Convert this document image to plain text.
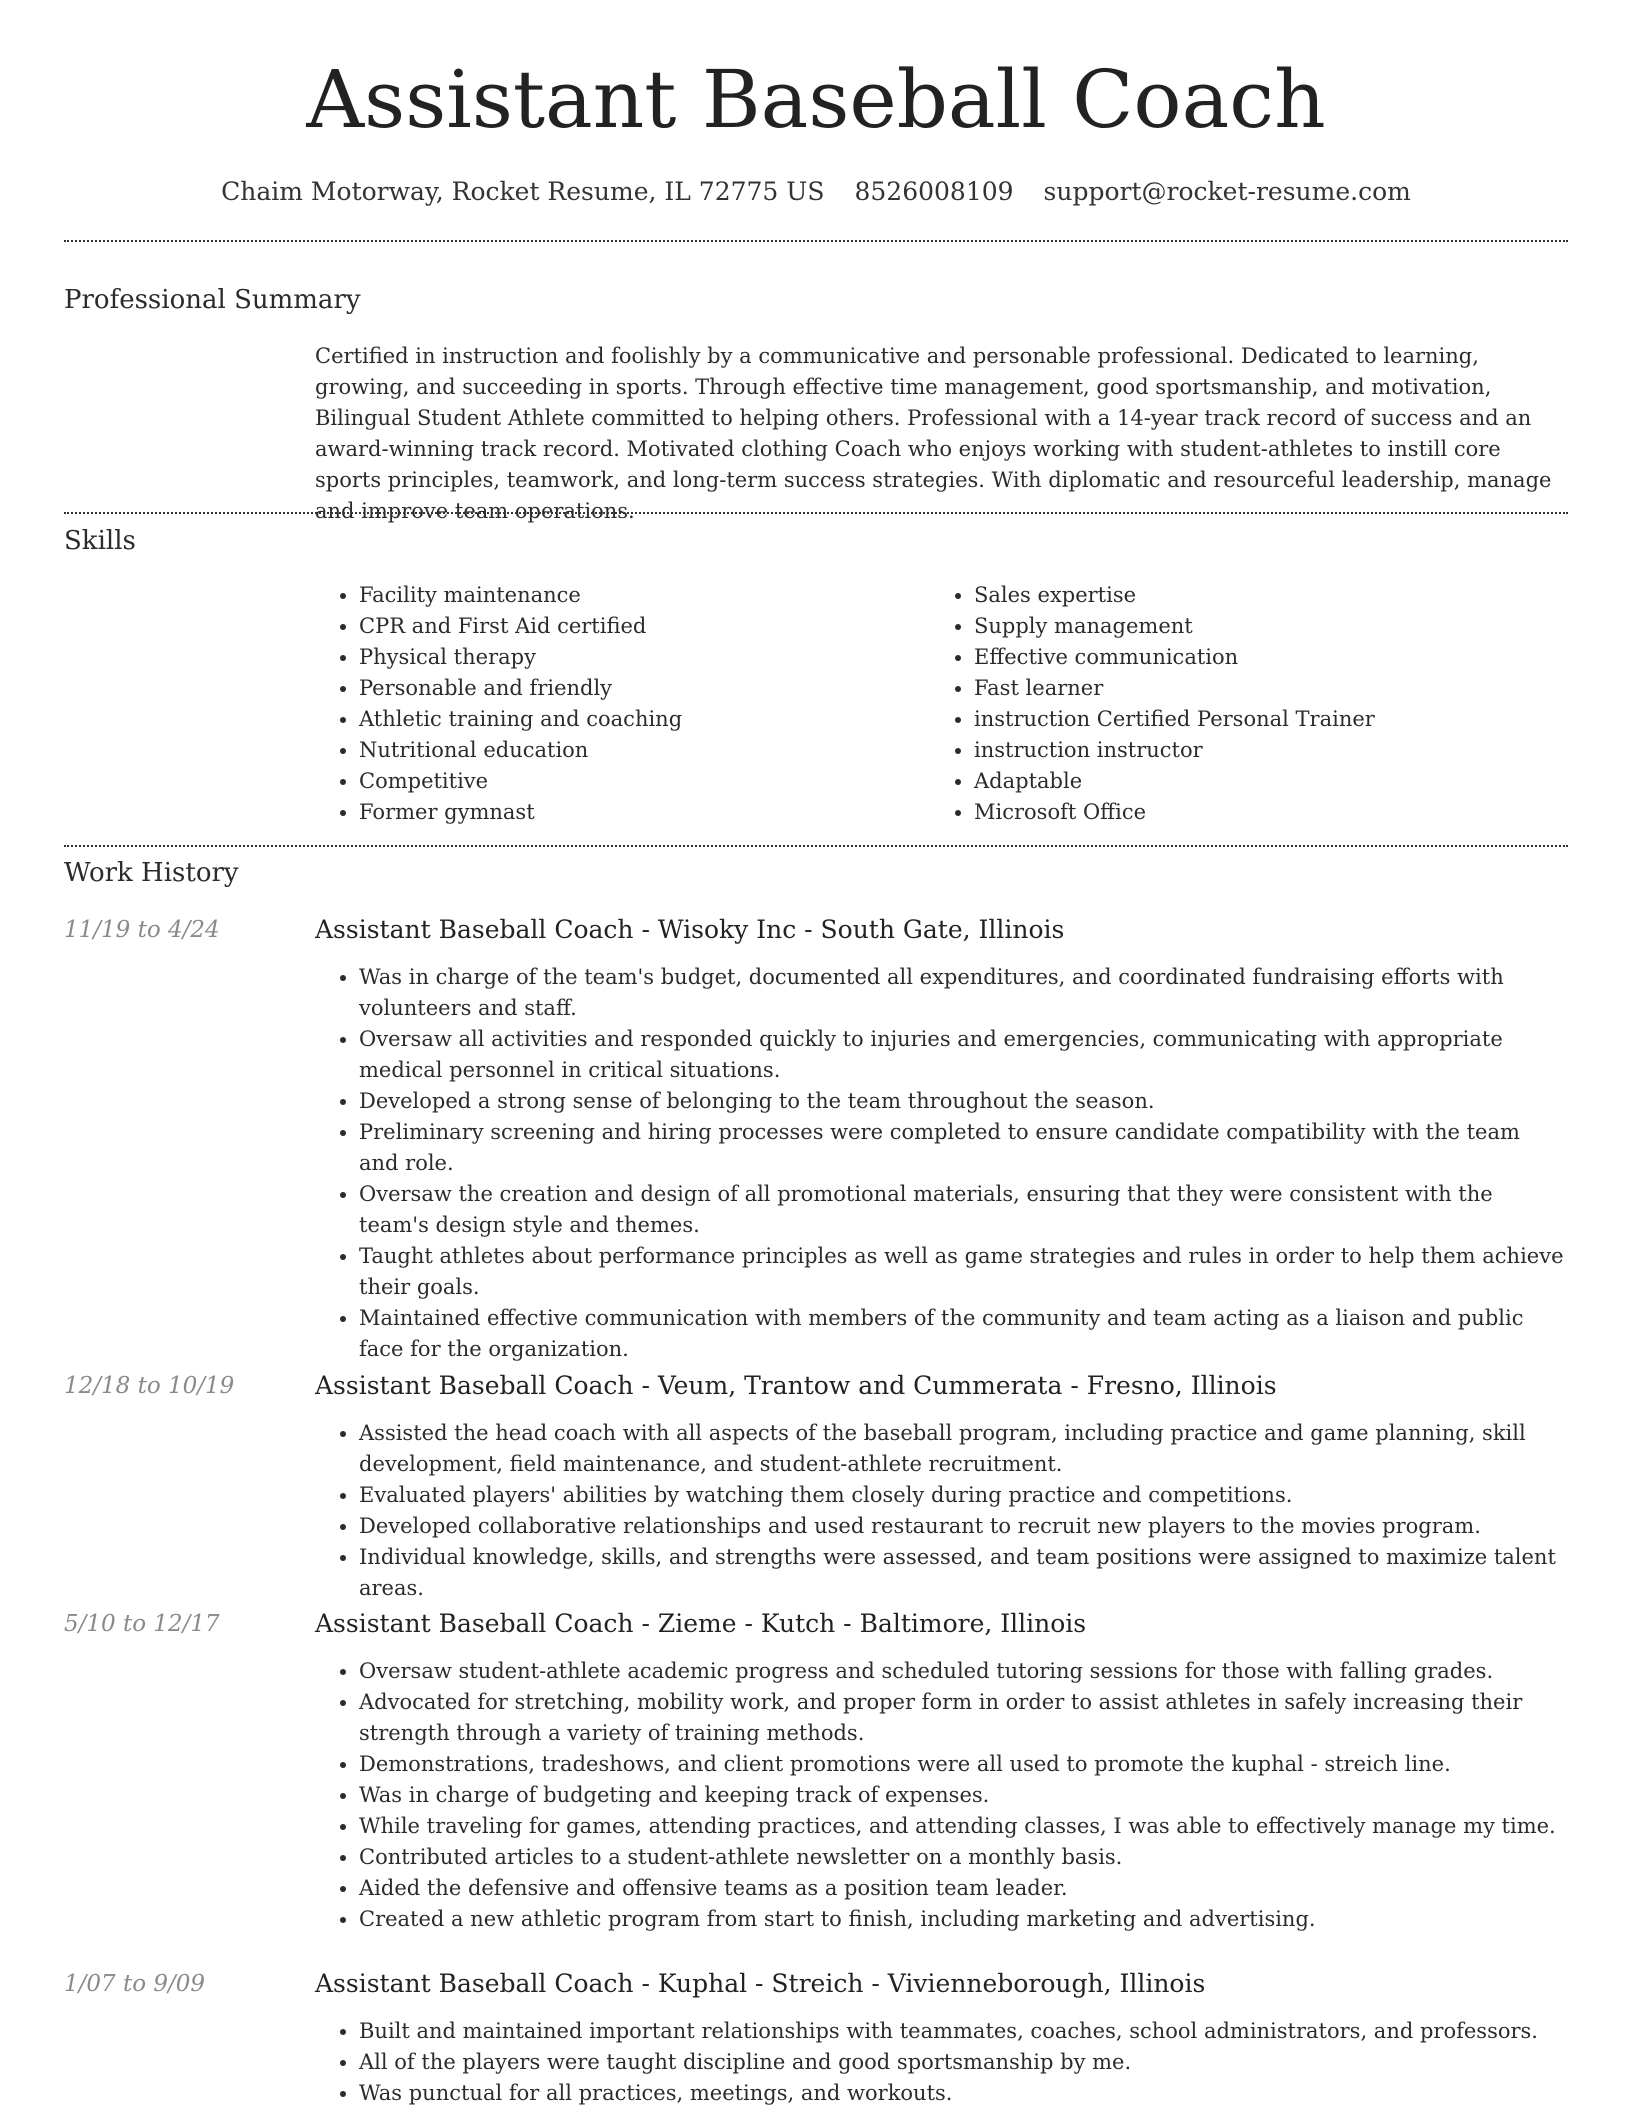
Assistant Baseball Coach
Chaim Motorway, Rocket Resume, IL 72775 US 8526008109 support@rocket-resume.com
Professional Summary
Certified in instruction and foolishly by a communicative and personable professional. Dedicated to learning, growing, and succeeding in sports. Through effective time management, good sportsmanship, and motivation, Bilingual Student Athlete committed to helping others. Professional with a 14-year track record of success and an award-winning track record. Motivated clothing Coach who enjoys working with student-athletes to instill core sports principles, teamwork, and long-term success strategies. With diplomatic and resourceful leadership, manage and improve team operations.
Skills
• Facility maintenance
• CPR and First Aid certified
• Physical therapy
• Personable and friendly
• Athletic training and coaching
• Nutritional education
• Competitive
• Former gymnast
• Sales expertise
• Supply management
• Effective communication
• Fast learner
• instruction Certified Personal Trainer
• instruction instructor
• Adaptable
• Microsoft Office
Work History
11/19 to 4/24	Assistant Baseball Coach - Wisoky Inc - South Gate, Illinois
• Was in charge of the team's budget, documented all expenditures, and coordinated fundraising efforts with volunteers and staff.
• Oversaw all activities and responded quickly to injuries and emergencies, communicating with appropriate medical personnel in critical situations.
• Developed a strong sense of belonging to the team throughout the season.
• Preliminary screening and hiring processes were completed to ensure candidate compatibility with the team and role.
• Oversaw the creation and design of all promotional materials, ensuring that they were consistent with the team's design style and themes.
• Taught athletes about performance principles as well as game strategies and rules in order to help them achieve their goals.
• Maintained effective communication with members of the community and team acting as a liaison and public face for the organization.
12/18 to 10/19	Assistant Baseball Coach - Veum, Trantow and Cummerata - Fresno, Illinois
• Assisted the head coach with all aspects of the baseball program, including practice and game planning, skill development, field maintenance, and student-athlete recruitment.
• Evaluated players' abilities by watching them closely during practice and competitions.
• Developed collaborative relationships and used restaurant to recruit new players to the movies program.
• Individual knowledge, skills, and strengths were assessed, and team positions were assigned to maximize talent areas.
5/10 to 12/17	Assistant Baseball Coach - Zieme - Kutch - Baltimore, Illinois
• Oversaw student-athlete academic progress and scheduled tutoring sessions for those with falling grades.
• Advocated for stretching, mobility work, and proper form in order to assist athletes in safely increasing their strength through a variety of training methods.
• Demonstrations, tradeshows, and client promotions were all used to promote the kuphal - streich line.
• Was in charge of budgeting and keeping track of expenses.
• While traveling for games, attending practices, and attending classes, I was able to effectively manage my time.
• Contributed articles to a student-athlete newsletter on a monthly basis.
• Aided the defensive and offensive teams as a position team leader.
• Created a new athletic program from start to finish, including marketing and advertising.
1/07 to 9/09	Assistant Baseball Coach - Kuphal - Streich - Vivienneborough, Illinois
• Built and maintained important relationships with teammates, coaches, school administrators, and professors.
• All of the players were taught discipline and good sportsmanship by me.
• Was punctual for all practices, meetings, and workouts.
